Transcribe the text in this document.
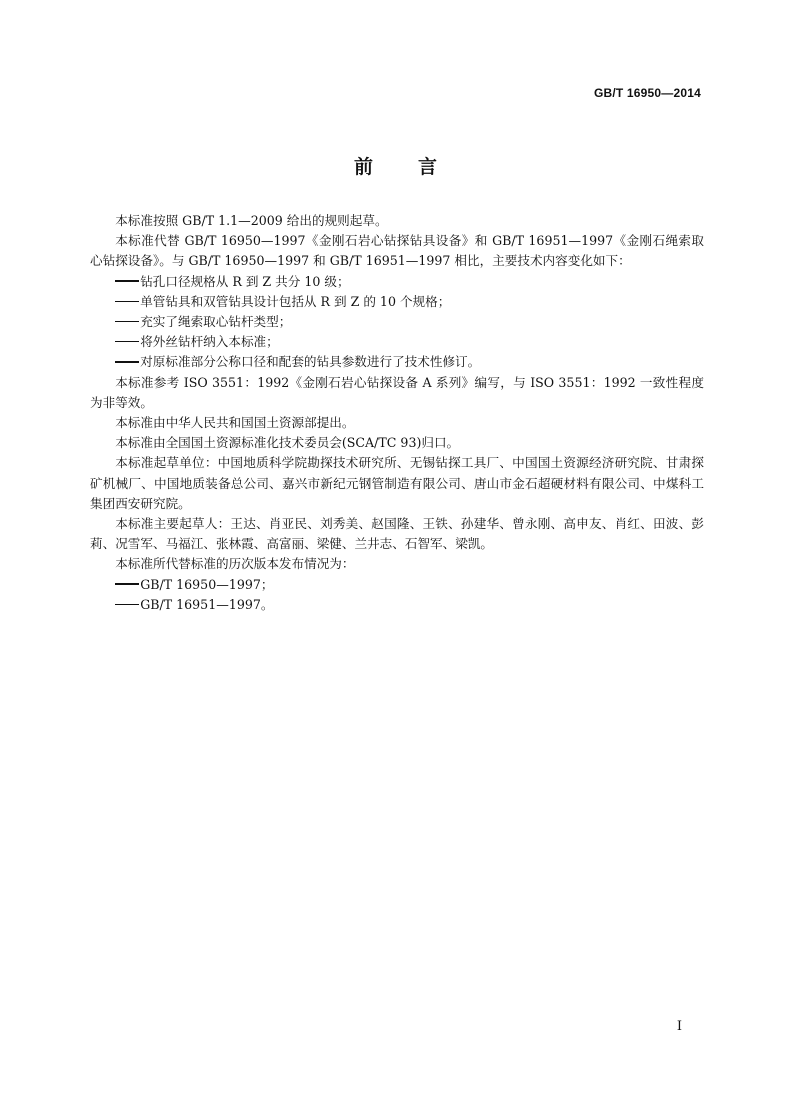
GB/T 16950—2014
前 言

本标准按照 GB/T 1.1—2009 给出的规则起草。

本标准代替 GB/T 16950—1997《金刚石岩心钻探钻具设备》和 GB/T 16951—1997《金刚石绳索取心钻探设备》。与 GB/T 16950—1997 和 GB/T 16951—1997 相比，主要技术内容变化如下：

钻孔口径规格从 R 到 Z 共分 10 级；

单管钻具和双管钻具设计包括从 R 到 Z 的 10 个规格；

充实了绳索取心钻杆类型；

将外丝钻杆纳入本标准；

对原标准部分公称口径和配套的钻具参数进行了技术性修订。

本标准参考 ISO 3551：1992《金刚石岩心钻探设备 A 系列》编写，与 ISO 3551：1992 一致性程度为非等效。

本标准由中华人民共和国国土资源部提出。

本标准由全国国土资源标准化技术委员会(SCA/TC 93)归口。

本标准起草单位：中国地质科学院勘探技术研究所、无锡钻探工具厂、中国国土资源经济研究院、甘肃探矿机械厂、中国地质装备总公司、嘉兴市新纪元钢管制造有限公司、唐山市金石超硬材料有限公司、中煤科工集团西安研究院。

本标准主要起草人：王达、肖亚民、刘秀美、赵国隆、王铁、孙建华、曾永刚、高申友、肖红、田波、彭莉、况雪军、马福江、张林霞、高富丽、梁健、兰井志、石智军、梁凯。

本标准所代替标准的历次版本发布情况为：

GB/T 16950—1997；

GB/T 16951—1997。

I
